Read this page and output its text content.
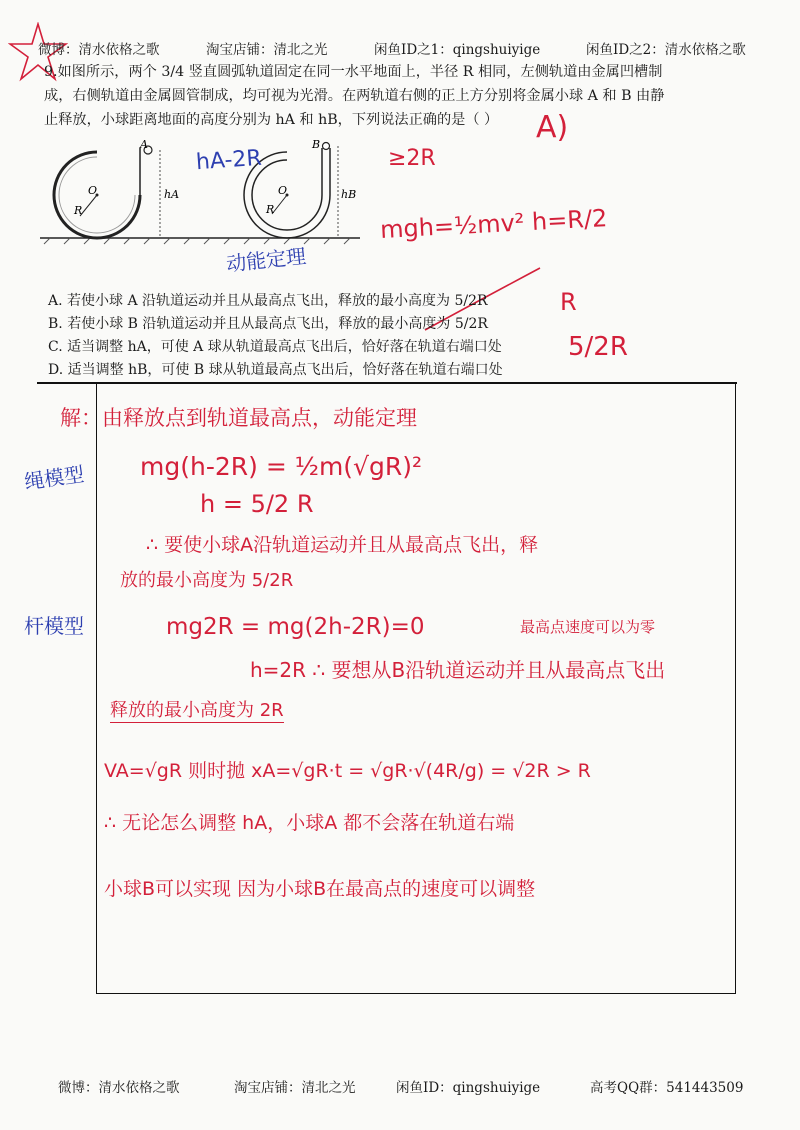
微博：清水依格之歌	淘宝店铺：清北之光	闲鱼ID之1：qingshuiyige	闲鱼ID之2：清水依格之歌

9.如图所示，两个 3/4 竖直圆弧轨道固定在同一水平地面上，半径 R 相同，左侧轨道由金属凹槽制

成，右侧轨道由金属圆管制成，均可视为光滑。在两轨道右侧的正上方分别将金属小球 A 和 B 由静

止释放，小球距离地面的高度分别为 hA 和 hB，下列说法正确的是（ ）

A
O
R
hA
B
O
R
hB
hA-2R	≥2R
A)
mgh=½mv² h=R/2
动能定理
R
5/2R
A. 若使小球 A 沿轨道运动并且从最高点飞出，释放的最小高度为 5/2R
B. 若使小球 B 沿轨道运动并且从最高点飞出，释放的最小高度为 5/2R
C. 适当调整 hA，可使 A 球从轨道最高点飞出后，恰好落在轨道右端口处
D. 适当调整 hB，可使 B 球从轨道最高点飞出后，恰好落在轨道右端口处
解：由释放点到轨道最高点，动能定理
绳模型 mg(h-2R) = ½m(√gR)²
h = 5/2 R
∴ 要使小球A沿轨道运动并且从最高点飞出，释
放的最小高度为 5/2R
杆模型	mg2R = mg(2h-2R)=0	最高点速度可以为零
h=2R ∴ 要想从B沿轨道运动并且从最高点飞出
释放的最小高度为 2R
VA=√gR 则时拋 xA=√gR·t = √gR·√(4R/g) = √2R > R
∴ 无论怎么调整 hA，小球A 都不会落在轨道右端
小球B可以实现 因为小球B在最高点的速度可以调整
微博：清水依格之歌	淘宝店铺：清北之光	闲鱼ID：qingshuiyige	高考QQ群：541443509
